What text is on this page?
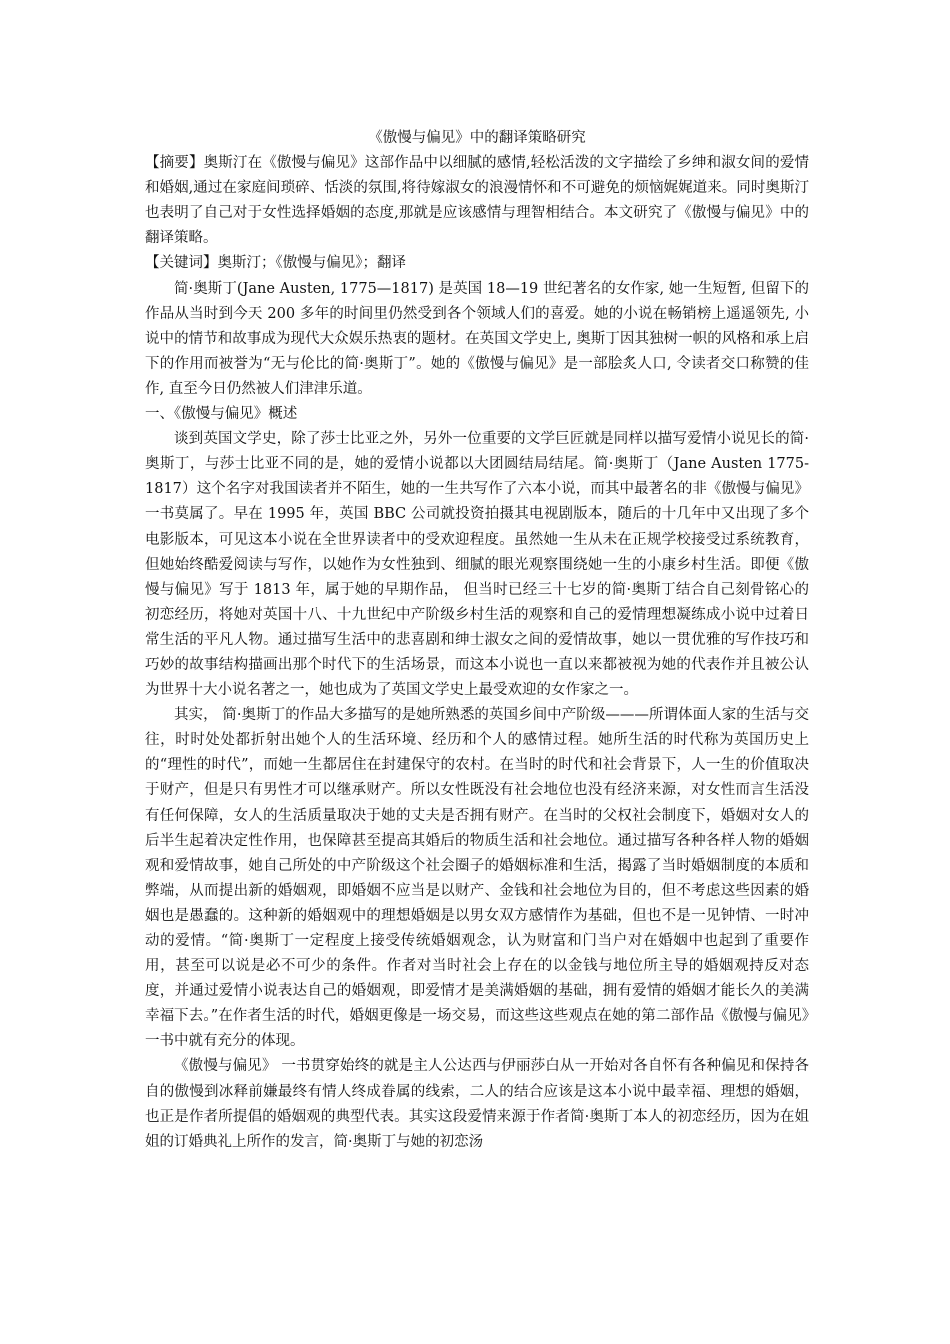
《傲慢与偏见》中的翻译策略研究

【摘要】奥斯汀在《傲慢与偏见》这部作品中以细腻的感情,轻松活泼的文字描绘了乡绅和淑女间的爱情和婚姻,通过在家庭间琐碎、恬淡的氛围,将待嫁淑女的浪漫情怀和不可避免的烦恼娓娓道来。同时奥斯汀也表明了自己对于女性选择婚姻的态度,那就是应该感情与理智相结合。本文研究了《傲慢与偏见》中的翻译策略。

【关键词】奥斯汀；《傲慢与偏见》；翻译

简·奥斯丁(Jane Austen, 1775—1817) 是英国 18—19 世纪著名的女作家, 她一生短暂, 但留下的作品从当时到今天 200 多年的时间里仍然受到各个领域人们的喜爱。她的小说在畅销榜上遥遥领先, 小说中的情节和故事成为现代大众娱乐热衷的题材。在英国文学史上, 奥斯丁因其独树一帜的风格和承上启下的作用而被誉为“无与伦比的简·奥斯丁”。她的《傲慢与偏见》是一部脍炙人口, 令读者交口称赞的佳作, 直至今日仍然被人们津津乐道。

一、《傲慢与偏见》概述

谈到英国文学史，除了莎士比亚之外，另外一位重要的文学巨匠就是同样以描写爱情小说见长的简·奥斯丁，与莎士比亚不同的是，她的爱情小说都以大团圆结局结尾。简·奥斯丁（Jane Austen 1775-1817）这个名字对我国读者并不陌生，她的一生共写作了六本小说，而其中最著名的非《傲慢与偏见》一书莫属了。早在 1995 年，英国 BBC 公司就投资拍摄其电视剧版本，随后的十几年中又出现了多个电影版本，可见这本小说在全世界读者中的受欢迎程度。虽然她一生从未在正规学校接受过系统教育，但她始终酷爱阅读与写作，以她作为女性独到、细腻的眼光观察围绕她一生的小康乡村生活。即便《傲慢与偏见》写于 1813 年，属于她的早期作品， 但当时已经三十七岁的简·奥斯丁结合自己刻骨铭心的初恋经历，将她对英国十八、十九世纪中产阶级乡村生活的观察和自己的爱情理想凝练成小说中过着日常生活的平凡人物。通过描写生活中的悲喜剧和绅士淑女之间的爱情故事，她以一贯优雅的写作技巧和巧妙的故事结构描画出那个时代下的生活场景，而这本小说也一直以来都被视为她的代表作并且被公认为世界十大小说名著之一，她也成为了英国文学史上最受欢迎的女作家之一。

其实， 简·奥斯丁的作品大多描写的是她所熟悉的英国乡间中产阶级———所谓体面人家的生活与交往，时时处处都折射出她个人的生活环境、经历和个人的感情过程。她所生活的时代称为英国历史上的“理性的时代”，而她一生都居住在封建保守的农村。在当时的时代和社会背景下，人一生的价值取决于财产，但是只有男性才可以继承财产。所以女性既没有社会地位也没有经济来源，对女性而言生活没有任何保障，女人的生活质量取决于她的丈夫是否拥有财产。在当时的父权社会制度下，婚姻对女人的后半生起着决定性作用，也保障甚至提高其婚后的物质生活和社会地位。通过描写各种各样人物的婚姻观和爱情故事，她自己所处的中产阶级这个社会圈子的婚姻标准和生活，揭露了当时婚姻制度的本质和弊端，从而提出新的婚姻观，即婚姻不应当是以财产、金钱和社会地位为目的，但不考虑这些因素的婚姻也是愚蠢的。这种新的婚姻观中的理想婚姻是以男女双方感情作为基础，但也不是一见钟情、一时冲动的爱情。“简·奥斯丁一定程度上接受传统婚姻观念，认为财富和门当户对在婚姻中也起到了重要作用，甚至可以说是必不可少的条件。作者对当时社会上存在的以金钱与地位所主导的婚姻观持反对态度，并通过爱情小说表达自己的婚姻观，即爱情才是美满婚姻的基础，拥有爱情的婚姻才能长久的美满幸福下去。”在作者生活的时代，婚姻更像是一场交易，而这些这些观点在她的第二部作品《傲慢与偏见》一书中就有充分的体现。

《傲慢与偏见》 一书贯穿始终的就是主人公达西与伊丽莎白从一开始对各自怀有各种偏见和保持各自的傲慢到冰释前嫌最终有情人终成眷属的线索，二人的结合应该是这本小说中最幸福、理想的婚姻，也正是作者所提倡的婚姻观的典型代表。其实这段爱情来源于作者简·奥斯丁本人的初恋经历，因为在姐姐的订婚典礼上所作的发言，简·奥斯丁与她的初恋汤
